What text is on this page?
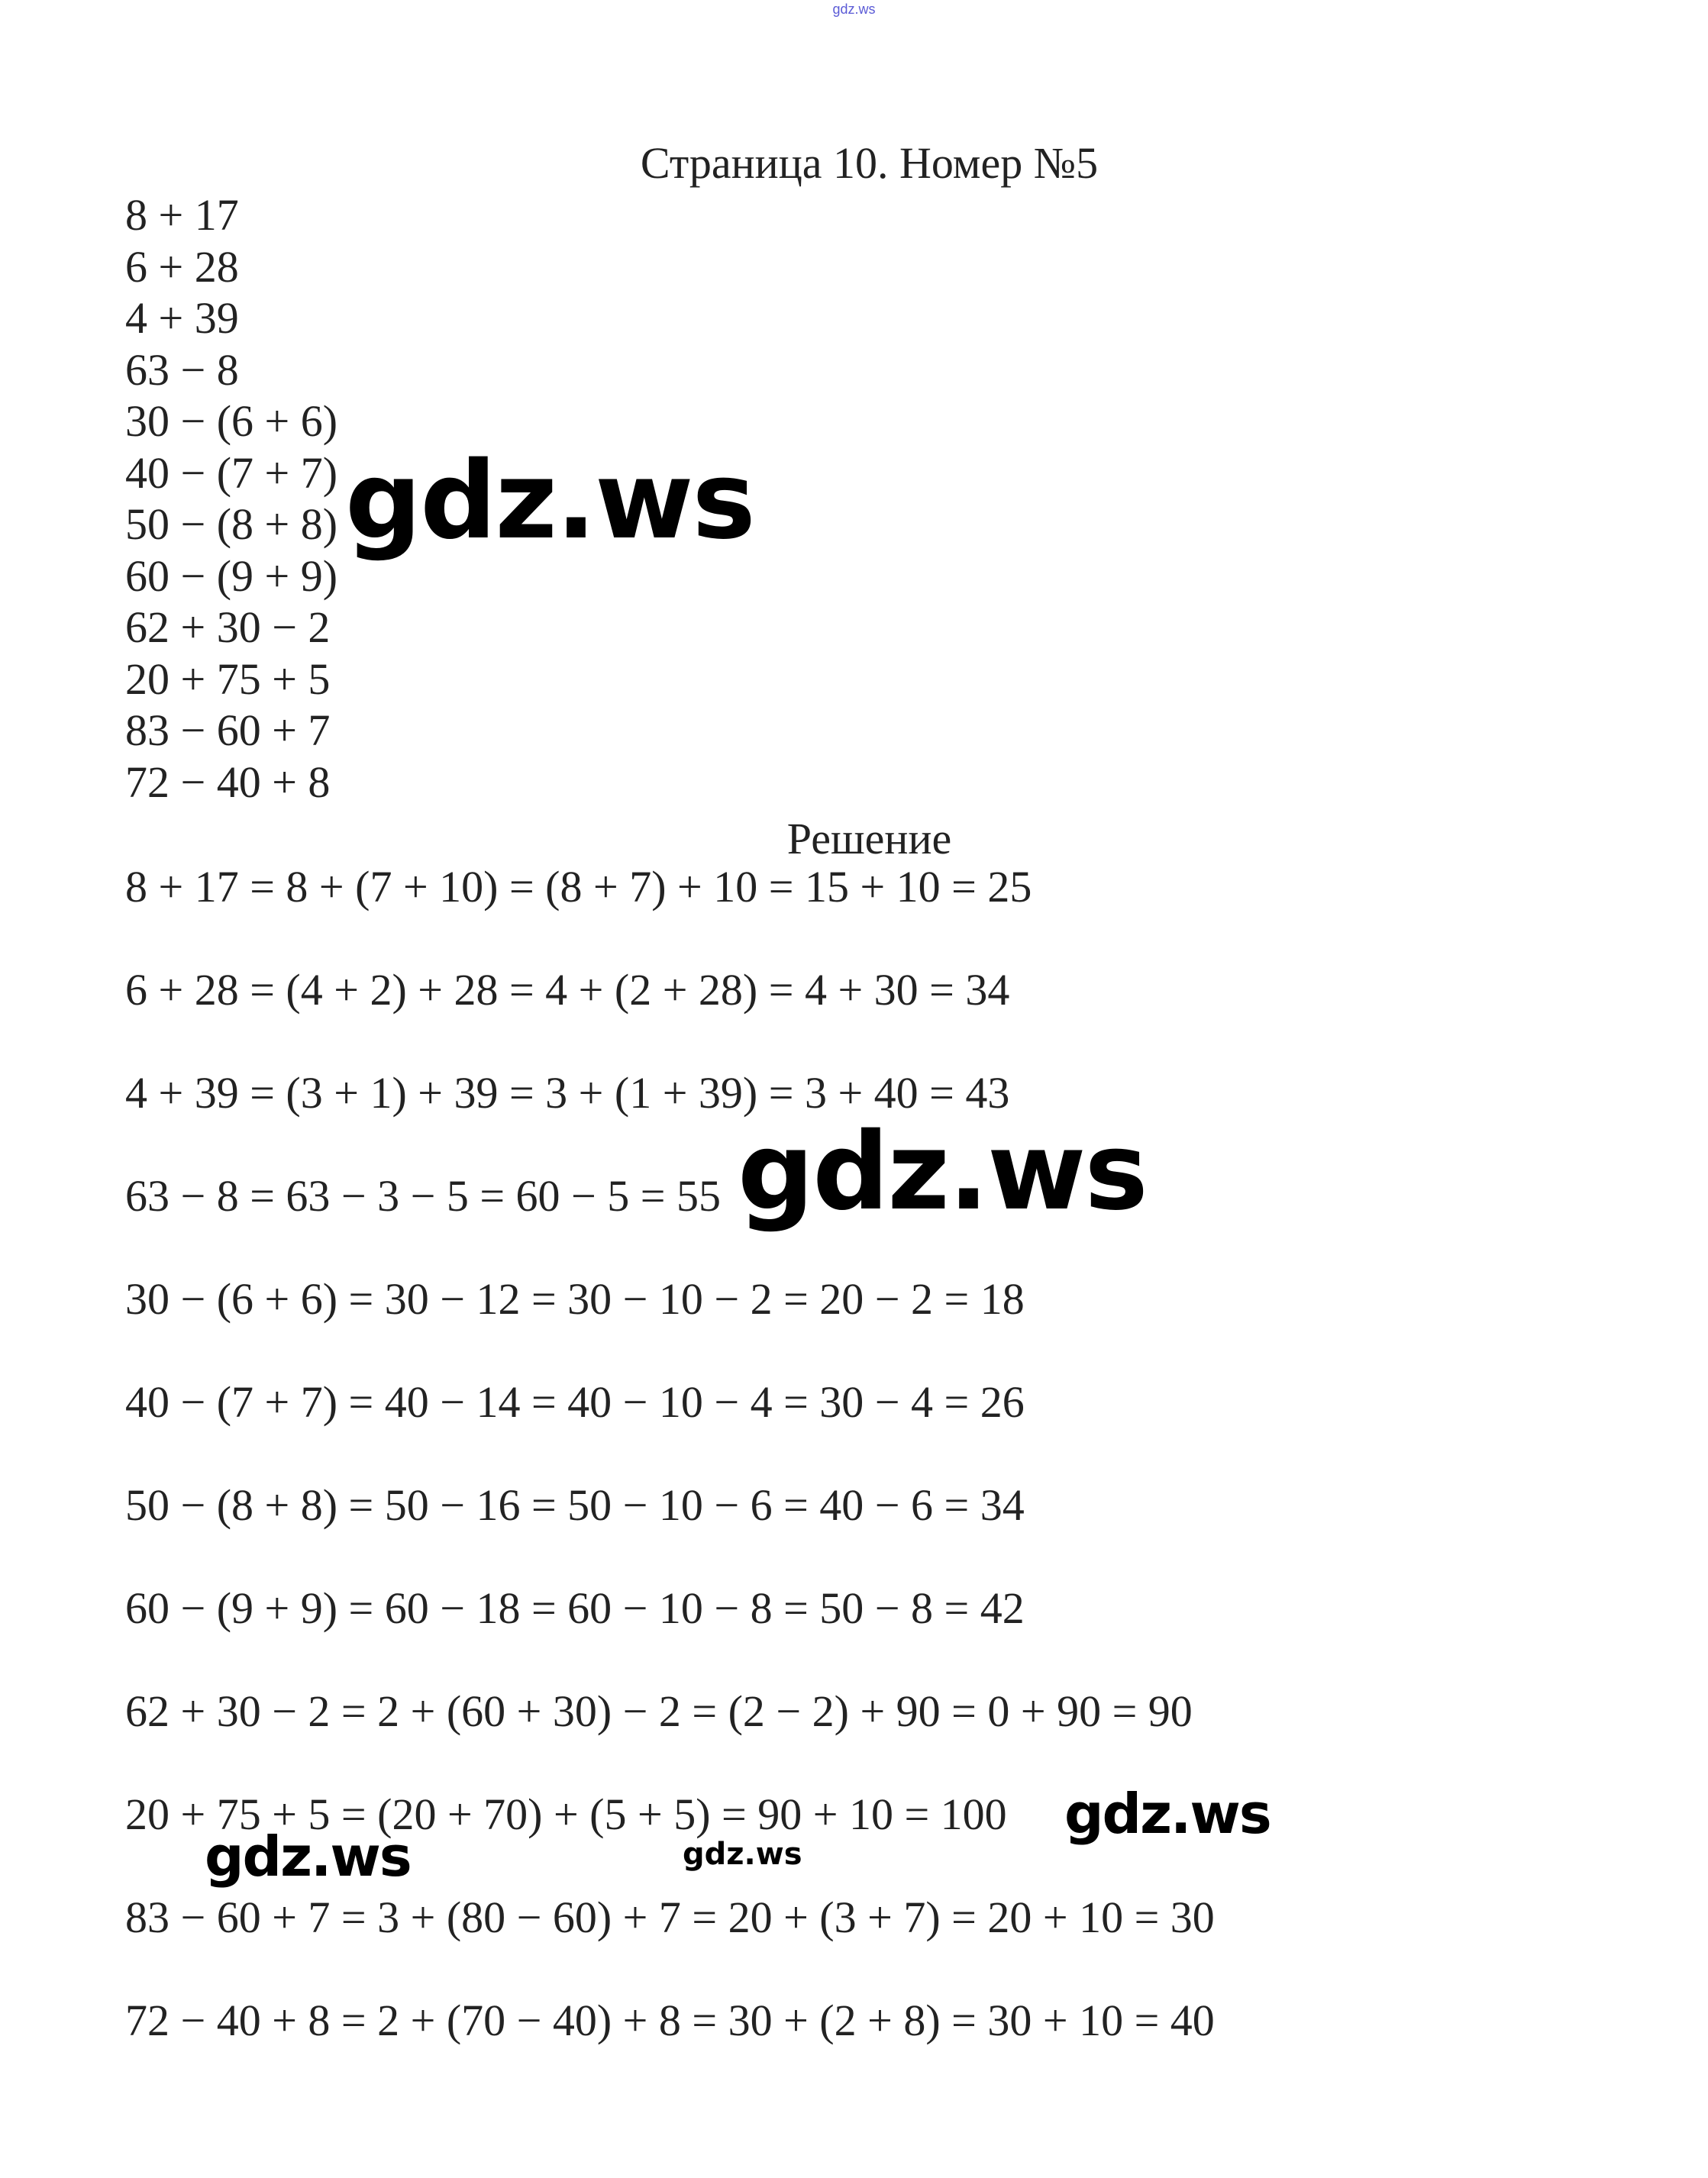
gdz.ws
Страница 10. Номер №5
8 + 17
6 + 28
4 + 39
63 − 8
30 − (6 + 6)
40 − (7 + 7)
50 − (8 + 8)
60 − (9 + 9)
62 + 30 − 2
20 + 75 + 5
83 − 60 + 7
72 − 40 + 8
Решение
8 + 17 = 8 + (7 + 10) = (8 + 7) + 10 = 15 + 10 = 25
6 + 28 = (4 + 2) + 28 = 4 + (2 + 28) = 4 + 30 = 34
4 + 39 = (3 + 1) + 39 = 3 + (1 + 39) = 3 + 40 = 43
63 − 8 = 63 − 3 − 5 = 60 − 5 = 55
30 − (6 + 6) = 30 − 12 = 30 − 10 − 2 = 20 − 2 = 18
40 − (7 + 7) = 40 − 14 = 40 − 10 − 4 = 30 − 4 = 26
50 − (8 + 8) = 50 − 16 = 50 − 10 − 6 = 40 − 6 = 34
60 − (9 + 9) = 60 − 18 = 60 − 10 − 8 = 50 − 8 = 42
62 + 30 − 2 = 2 + (60 + 30) − 2 = (2 − 2) + 90 = 0 + 90 = 90
20 + 75 + 5 = (20 + 70) + (5 + 5) = 90 + 10 = 100
83 − 60 + 7 = 3 + (80 − 60) + 7 = 20 + (3 + 7) = 20 + 10 = 30
72 − 40 + 8 = 2 + (70 − 40) + 8 = 30 + (2 + 8) = 30 + 10 = 40
gdz.ws
gdz.ws
gdz.ws
gdz.ws	gdz.ws
